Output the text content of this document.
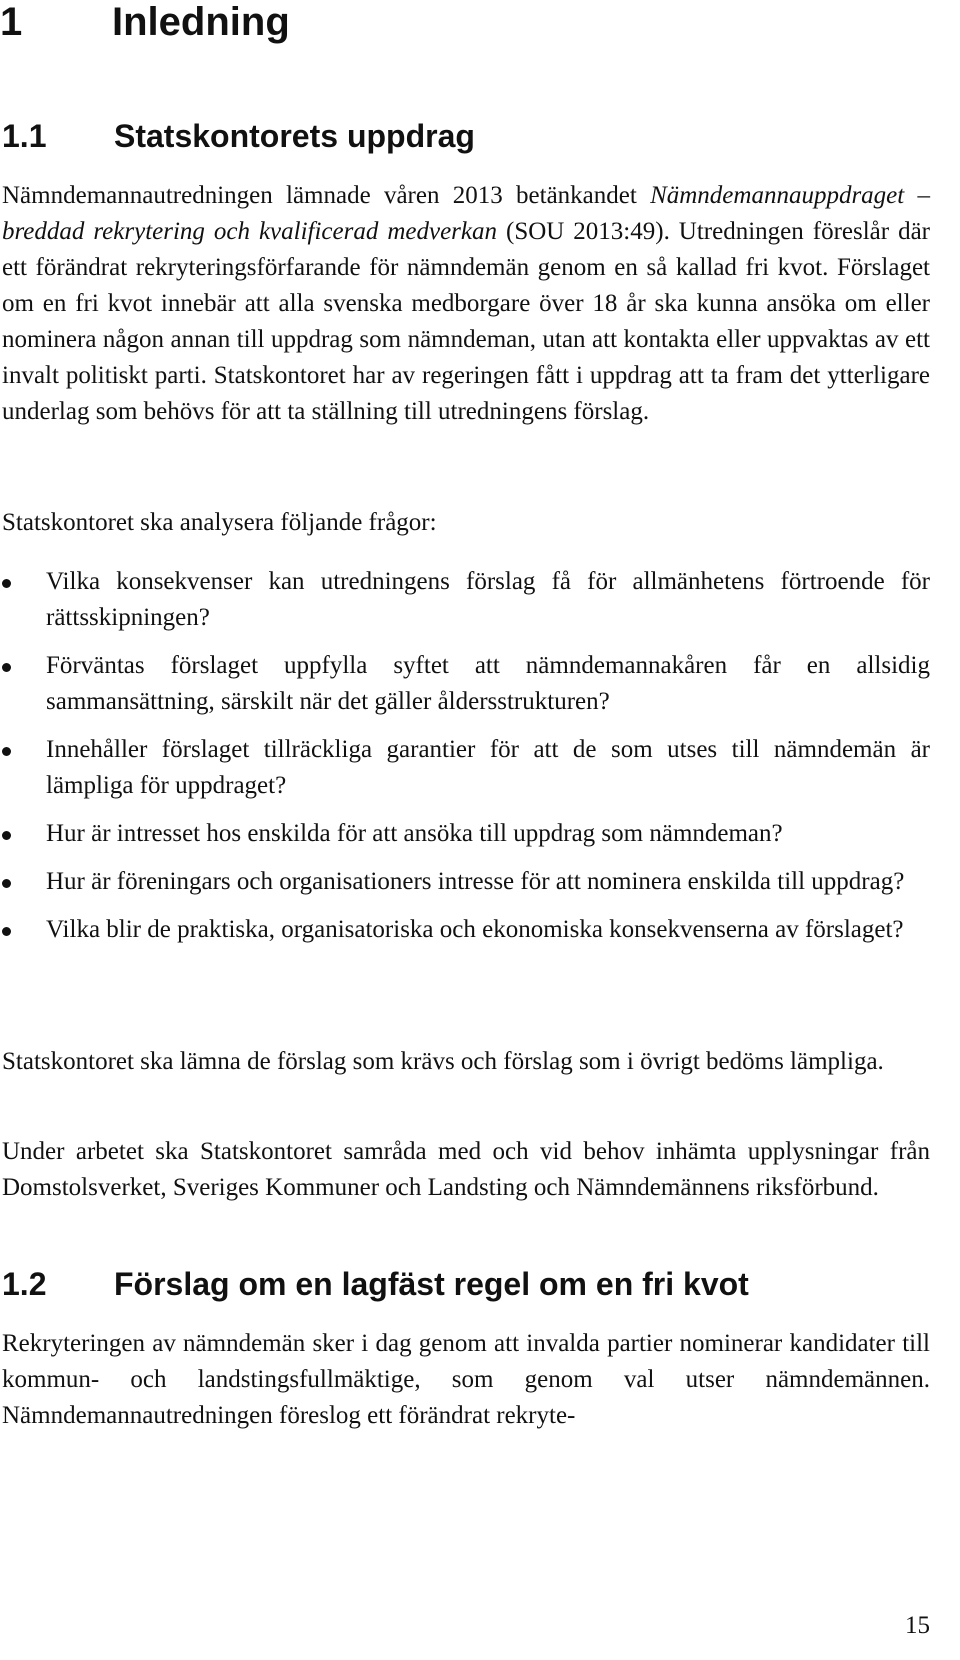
1 Inledning
1.1 Statskontorets uppdrag

Nämndemannautredningen lämnade våren 2013 betänkandet Nämndemannauppdraget – breddad rekrytering och kvalificerad medverkan (SOU 2013:49). Utredningen föreslår där ett förändrat rekryteringsförfarande för nämndemän genom en så kallad fri kvot. Förslaget om en fri kvot innebär att alla svenska medborgare över 18 år ska kunna ansöka om eller nominera någon annan till uppdrag som nämndeman, utan att kontakta eller uppvaktas av ett invalt politiskt parti. Statskontoret har av regeringen fått i uppdrag att ta fram det ytterligare underlag som behövs för att ta ställning till utredningens förslag.

Statskontoret ska analysera följande frågor:

Vilka konsekvenser kan utredningens förslag få för allmänhetens förtroende för rättsskipningen?
Förväntas förslaget uppfylla syftet att nämndemannakåren får en allsidig sammansättning, särskilt när det gäller åldersstrukturen?
Innehåller förslaget tillräckliga garantier för att de som utses till nämndemän är lämpliga för uppdraget?
Hur är intresset hos enskilda för att ansöka till uppdrag som nämndeman?
Hur är föreningars och organisationers intresse för att nominera enskilda till uppdrag?
Vilka blir de praktiska, organisatoriska och ekonomiska konsekvenserna av förslaget?

Statskontoret ska lämna de förslag som krävs och förslag som i övrigt bedöms lämpliga.

Under arbetet ska Statskontoret samråda med och vid behov inhämta upplysningar från Domstolsverket, Sveriges Kommuner och Landsting och Nämndemännens riksförbund.

1.2 Förslag om en lagfäst regel om en fri kvot

Rekryteringen av nämndemän sker i dag genom att invalda partier nominerar kandidater till kommun- och landstingsfullmäktige, som genom val utser nämndemännen. Nämndemannautredningen föreslog ett förändrat rekryte-

15
